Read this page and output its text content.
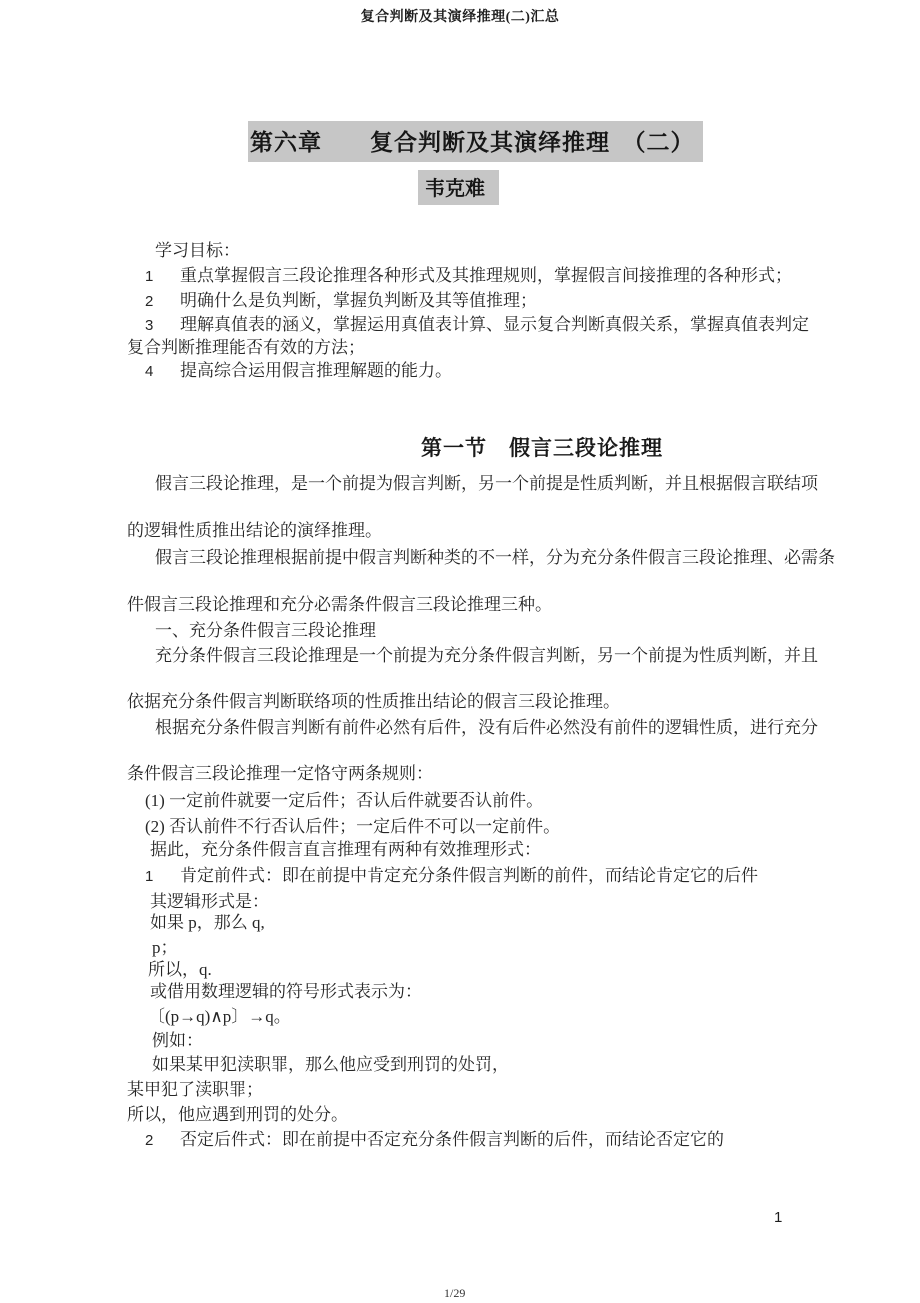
复合判断及其演绎推理(二)汇总
第六章　　复合判断及其演绎推理　（二）
韦克难
第一节　假言三段论推理
学习目标：
1 重点掌握假言三段论推理各种形式及其推理规则，掌握假言间接推理的各种形式；
2 明确什么是负判断，掌握负判断及其等值推理；
3 理解真值表的涵义，掌握运用真值表计算、显示复合判断真假关系，掌握真值表判定
复合判断推理能否有效的方法；
4 提高综合运用假言推理解题的能力。
假言三段论推理，是一个前提为假言判断，另一个前提是性质判断，并且根据假言联结项
的逻辑性质推出结论的演绎推理。
假言三段论推理根据前提中假言判断种类的不一样，分为充分条件假言三段论推理、必需条
件假言三段论推理和充分必需条件假言三段论推理三种。
一、充分条件假言三段论推理
充分条件假言三段论推理是一个前提为充分条件假言判断，另一个前提为性质判断，并且
依据充分条件假言判断联络项的性质推出结论的假言三段论推理。
根据充分条件假言判断有前件必然有后件，没有后件必然没有前件的逻辑性质，进行充分
条件假言三段论推理一定恪守两条规则：
(1) 一定前件就要一定后件；否认后件就要否认前件。
(2) 否认前件不行否认后件；一定后件不可以一定前件。
据此，充分条件假言直言推理有两种有效推理形式：
1 肯定前件式：即在前提中肯定充分条件假言判断的前件，而结论肯定它的后件
其逻辑形式是：
如果 p，那么 q,
p；
所以，q.
或借用数理逻辑的符号形式表示为：
〔(p→q)∧p〕→q。
例如：
如果某甲犯渎职罪，那么他应受到刑罚的处罚，
某甲犯了渎职罪；
所以，他应遇到刑罚的处分。
2 否定后件式：即在前提中否定充分条件假言判断的后件，而结论否定它的
1
1/29
